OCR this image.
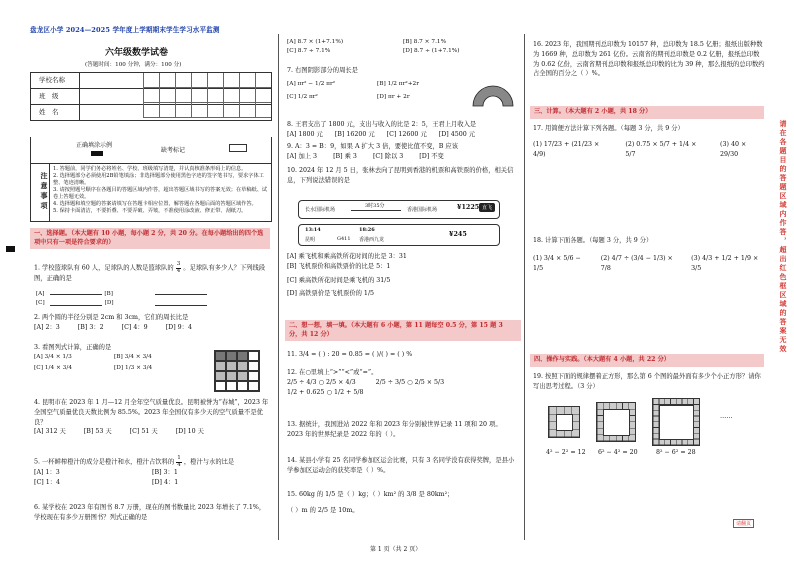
盘龙区小学 2024—2025 学年度上学期期末学生学习水平监测
六年级数学试卷
(答题时间：100 分钟，满分：100 分)
学校名称
班　级
姓　名
正确填涂示例
缺考标记
注意事项
1. 答题前，同学们务必将姓名、学校、班级填写清楚，并认真核准条形码上的信息。
2. 选择题部分必须使用2B铅笔填涂；非选择题部分使用黑色字迹的签字笔书写，要求字体工整、笔迹清晰。
3. 请按照题号顺序在各题目的答题区域内作答，超出答题区域书写的答案无效；在草稿纸、试卷上答题无效。
4. 选择题和填空题的答案请填写在答题卡相应位置，解答题在各题后面的答题区域作答。
5. 保持卡面清洁，不要折叠、不要弄破、弄皱，不准使用涂改液、修正带、刮纸刀。
一、选择题。（本大题有 10 小题，每小题 2 分，共 20 分。在每小题给出的四个选项中只有一项是符合要求的）
1. 学校篮球队有 60 人，足球队的人数是篮球队的 $\frac{3}{4}$ 。足球队有多少人？下列线段图，正确的是
[A]	[B]
[C]	[D]
2. 两个圆的半径分别是 2cm 和 3cm，它们的周长比是
[A] 2：3	[B] 3：2	[C] 4：9	[D] 9：4
3. 看图列式计算，正确的是
[A] 3/4 × 1/3	[B] 3/4 × 3/4
[C] 1/4 × 3/4	[D] 1/3 × 3/4
4. 昆明市在 2023 年 1 月—12 月全年空气质量优良。昆明被誉为“春城”，2023 年全国空气质量优良天数比例为 85.5%。2023 年全国仅有多少天的空气质量不是优良？
[A] 312 天	[B] 53 天	[C] 51 天	[D] 10 天
5. 一杯鲜榨橙汁的成分是橙汁和水，橙汁占饮料的 $\frac{1}{4}$ ，橙汁与水的比是
[A] 1：3	[B] 3：1
[C] 1：4	[D] 4：1
6. 某学校在 2023 年有图书 8.7 万册，现在的图书数量比 2023 年增长了 7.1%，学校现在有多少万册图书？列式正确的是
[A] 8.7 × (1+7.1%)	[B] 8.7 × 7.1%
[C] 8.7 ÷ 7.1%	[D] 8.7 ÷ (1+7.1%)
7. 右图阴影部分的周长是
[A] πr² − 1/2 πr²	[B] 1/2 πr²+2r
[C] 1/2 πr²	[D] πr + 2r
8. 王君支出了 1800 元，支出与收入的比是 2：5，王君上月收入是
[A] 1800 元 [B] 16200 元 [C] 12600 元 [D] 4500 元
9. A：3 = B：9，如果 A 扩大 3 倍，要使比值不变，B 应该
[A] 加上 3	[B] 乘 3	[C] 除以 3	[D] 不变
10. 2024 年 12 月 5 日，张林去向了昆明到香港的机票和高铁票的价格，相关信息，下列说法错误的是
长水国际机场
3时35分
香港国际机场	¥1225 直飞
13:14
昆明	G411
18:26
香港西九龙
¥245
[A] 乘飞机和乘高铁所花时间的比是 3：31
[B] 飞机票价和高铁票价的比是 5：1
[C] 乘高铁所花时间是乘飞机的 31/5
[D] 高铁票价是飞机票价的 1/5
二、想一想，填一填。（本大题有 6 小题，第 11 题每空 0.5 分，第 15 题 3 分，共 12 分）
11. 3/4 = ( ) : 20 = 0.85 = ( )/( ) = ( ) %
12. 在○里填上“>”“<”或“=”。
2/5 ÷ 4/3 ○ 2/5 × 4/3	2/5 ÷ 3/5 ○ 2/5 × 5/3
1/2 + 0.625 ○ 1/2 + 5/8
13. 据统计，我国进站 2022 年和 2023 年分别被世界记录 11 项和 20 项。
2023 年的世界纪录是 2022 年的（ ）。
14. 某县小学有 25 名同学参加区运会比赛，只有 3 名同学没有获得奖牌，是县小学参加区运动会的获奖率是（ ）%。
15. 60kg 的 1/5 是（ ）kg；（ ）km² 的 3/8 是 80km²；
（ ）m 的 2/5 是 10m。
16. 2023 年，我国期刊总印数为 10157 种，总印数为 18.5 亿册；报纸出版种数为 1669 种，总印数为 261 亿份。云南省的期刊总印数是 0.2 亿册，报纸总印数为 0.62 亿份，云南省期刊总印数和报纸总印数的比为 39 种，那么报纸的总印数约占全国的百分之（ ）%。
三、计算。（本大题有 2 小题，共 18 分）
17. 用简便方法计算下列各题。（每题 3 分，共 9 分）
(1) 17/23 + (21/23 × 4/9)
(2) 0.75 × 5/7 + 1/4 × 5/7
(3) 40 × 29/30
18. 计算下面各题。（每题 3 分，共 9 分）
(1) 3/4 × 5/6 − 1/5
(2) 4/7 ÷ (3/4 − 1/3) × 7/8
(3) 4/3 + 1/2 + 1/9 × 3/5
四、操作与实践。（本大题有 4 小题，共 22 分）
19. 按照下面的规律摆着正方形，那么第 6 个图的最外面有多少个小正方形？请你写出思考过程。（3 分）
……
4² − 2² = 12 6² − 4² = 20	8² − 6² = 28
请翻页
请在各题目的答题区域内作答，超出红色框区域的答案无效
第 1 页（共 2 页）
